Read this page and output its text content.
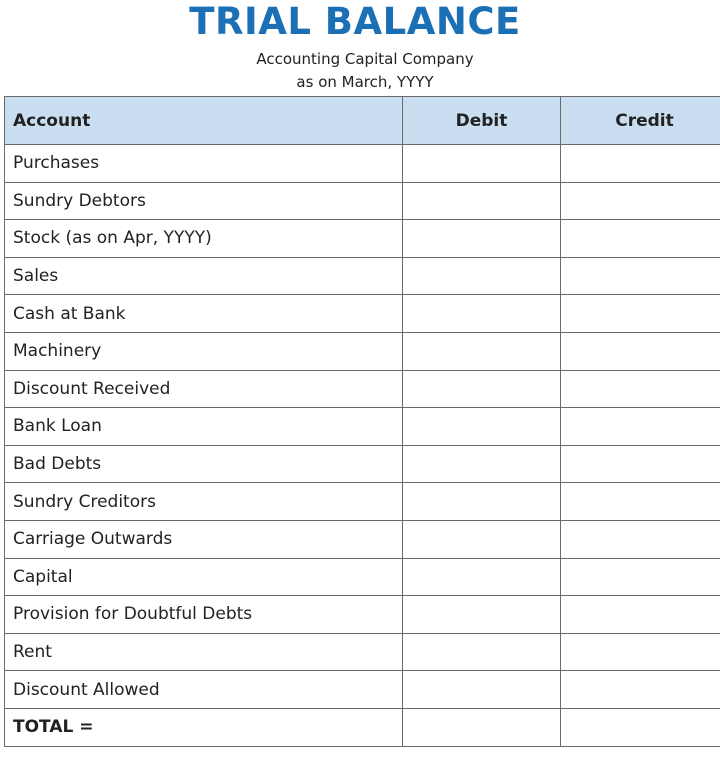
TRIAL BALANCE
Accounting Capital Company
as on March, YYYY
Account	Debit	Credit
Purchases		
Sundry Debtors		
Stock (as on Apr, YYYY)		
Sales		
Cash at Bank		
Machinery		
Discount Received		
Bank Loan		
Bad Debts		
Sundry Creditors		
Carriage Outwards		
Capital		
Provision for Doubtful Debts		
Rent		
Discount Allowed		
TOTAL =		
